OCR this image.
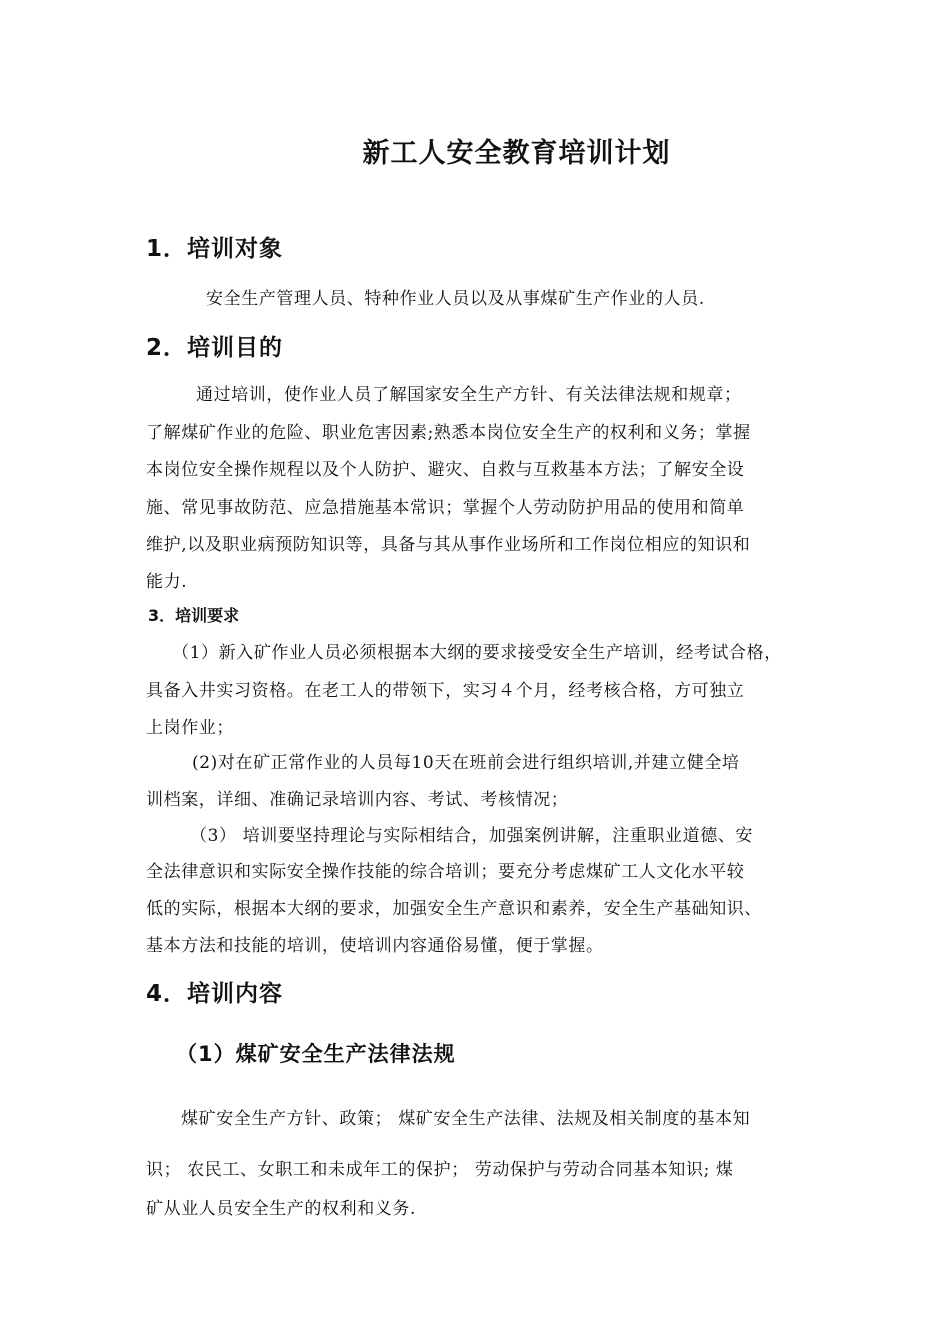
新工人安全教育培训计划
1．培训对象
安全生产管理人员、特种作业人员以及从事煤矿生产作业的人员.
2．培训目的
通过培训，使作业人员了解国家安全生产方针、有关法律法规和规章；
了解煤矿作业的危险、职业危害因素;熟悉本岗位安全生产的权利和义务；掌握
本岗位安全操作规程以及个人防护、避灾、自救与互救基本方法；了解安全设
施、常见事故防范、应急措施基本常识；掌握个人劳动防护用品的使用和简单
维护,以及职业病预防知识等，具备与其从事作业场所和工作岗位相应的知识和
能力.
3．培训要求
（1）新入矿作业人员必须根据本大纲的要求接受安全生产培训，经考试合格，
具备入井实习资格。在老工人的带领下，实习４个月，经考核合格，方可独立
上岗作业；
(2)对在矿正常作业的人员每10天在班前会进行组织培训,并建立健全培
训档案，详细、准确记录培训内容、考试、考核情况；
（3） 培训要坚持理论与实际相结合，加强案例讲解，注重职业道德、安
全法律意识和实际安全操作技能的综合培训；要充分考虑煤矿工人文化水平较
低的实际，根据本大纲的要求，加强安全生产意识和素养，安全生产基础知识、
基本方法和技能的培训，使培训内容通俗易懂，便于掌握。
4．培训内容
（1）煤矿安全生产法律法规
煤矿安全生产方针、政策； 煤矿安全生产法律、法规及相关制度的基本知
识； 农民工、女职工和未成年工的保护； 劳动保护与劳动合同基本知识; 煤
矿从业人员安全生产的权利和义务.
